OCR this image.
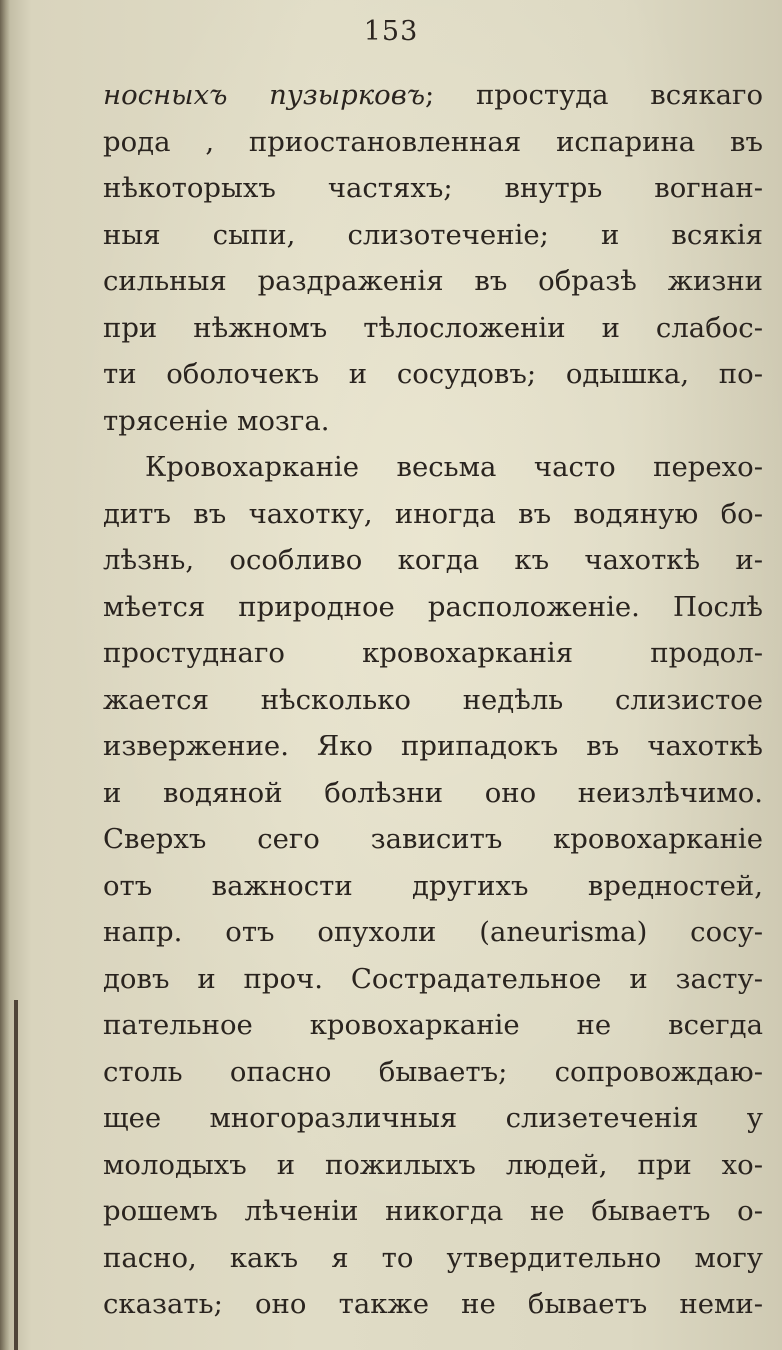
153
носныхъ пузырковъ; простуда всякаго
рода , приостановленная испарина въ
нѣкоторыхъ частяхъ; внутрь вогнан-
ныя сыпи, слизотеченіе; и всякія
сильныя раздраженія въ образѣ жизни
при нѣжномъ тѣлосложеніи и слабос-
ти оболочекъ и сосудовъ; одышка, по-
трясеніе мозга.
Кровохарканіе весьма часто перехо-
дитъ въ чахотку, иногда въ водяную бо-
лѣзнь, особливо когда къ чахоткѣ и-
мѣется природное расположеніе. Послѣ
простуднаго кровохарканія продол-
жается нѣсколько недѣль слизистое
извержение. Яко припадокъ въ чахоткѣ
и водяной болѣзни оно неизлѣчимо.
Сверхъ сего зависитъ кровохарканіе
отъ важности другихъ вредностей,
напр. отъ опухоли (aneurisma) сосу-
довъ и проч. Сострадательное и засту-
пательное кровохарканіе не всегда
столь опасно бываетъ; сопровождаю-
щее многоразличныя слизетеченія у
молодыхъ и пожилыхъ людей, при хо-
рошемъ лѣченіи никогда не бываетъ о-
пасно, какъ я то утвердительно могу
сказать; оно также не бываетъ неми-
